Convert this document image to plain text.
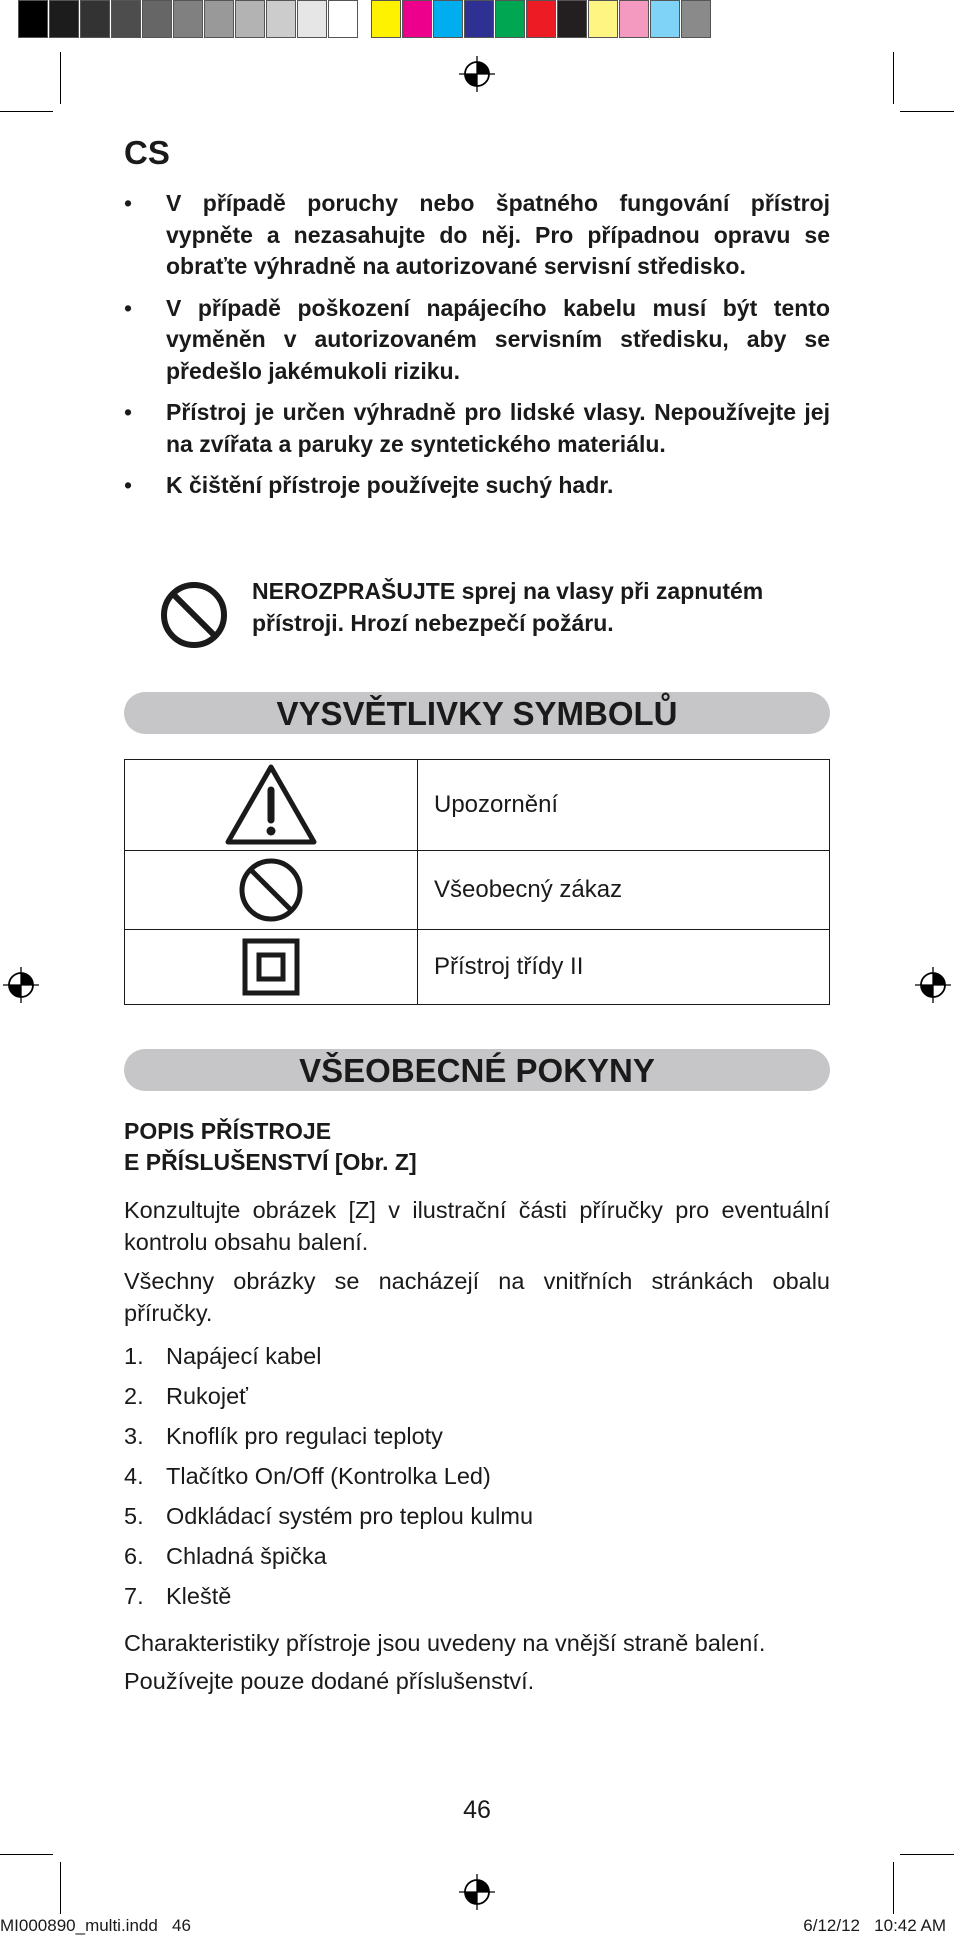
CS
• V případě poruchy nebo špatného fungování přístroj vypněte a nezasahujte do něj. Pro případnou opravu se obraťte výhradně na autorizované servisní středisko.
• V případě poškození napájecího kabelu musí být tento vyměněn v autorizovaném servisním středisku, aby se předešlo jakémukoli riziku.
• Přístroj je určen výhradně pro lidské vlasy. Nepoužívejte jej na zvířata a paruky ze syntetického materiálu.
• K čištění přístroje používejte suchý hadr.
NEROZPRAŠUJTE sprej na vlasy při zapnutém přístroji. Hrozí nebezpečí požáru.
VYSVĚTLIVKY SYMBOLŮ
	Upozornění
	Všeobecný zákaz
	Přístroj třídy II
VŠEOBECNÉ POKYNY

POPIS PŘÍSTROJE
E PŘÍSLUŠENSTVÍ [Obr. Z]

Konzultujte obrázek [Z] v ilustrační části příručky pro eventuální kontrolu obsahu balení.

Všechny obrázky se nacházejí na vnitřních stránkách obalu příručky.

1. Napájecí kabel
2. Rukojeť
3. Knoflík pro regulaci teploty
4. Tlačítko On/Off (Kontrolka Led)
5. Odkládací systém pro teplou kulmu
6. Chladná špička
7. Kleště

Charakteristiky přístroje jsou uvedeny na vnější straně balení.

Používejte pouze dodané příslušenství.

46
MI000890_multi.indd   46	6/12/12   10:42 AM
